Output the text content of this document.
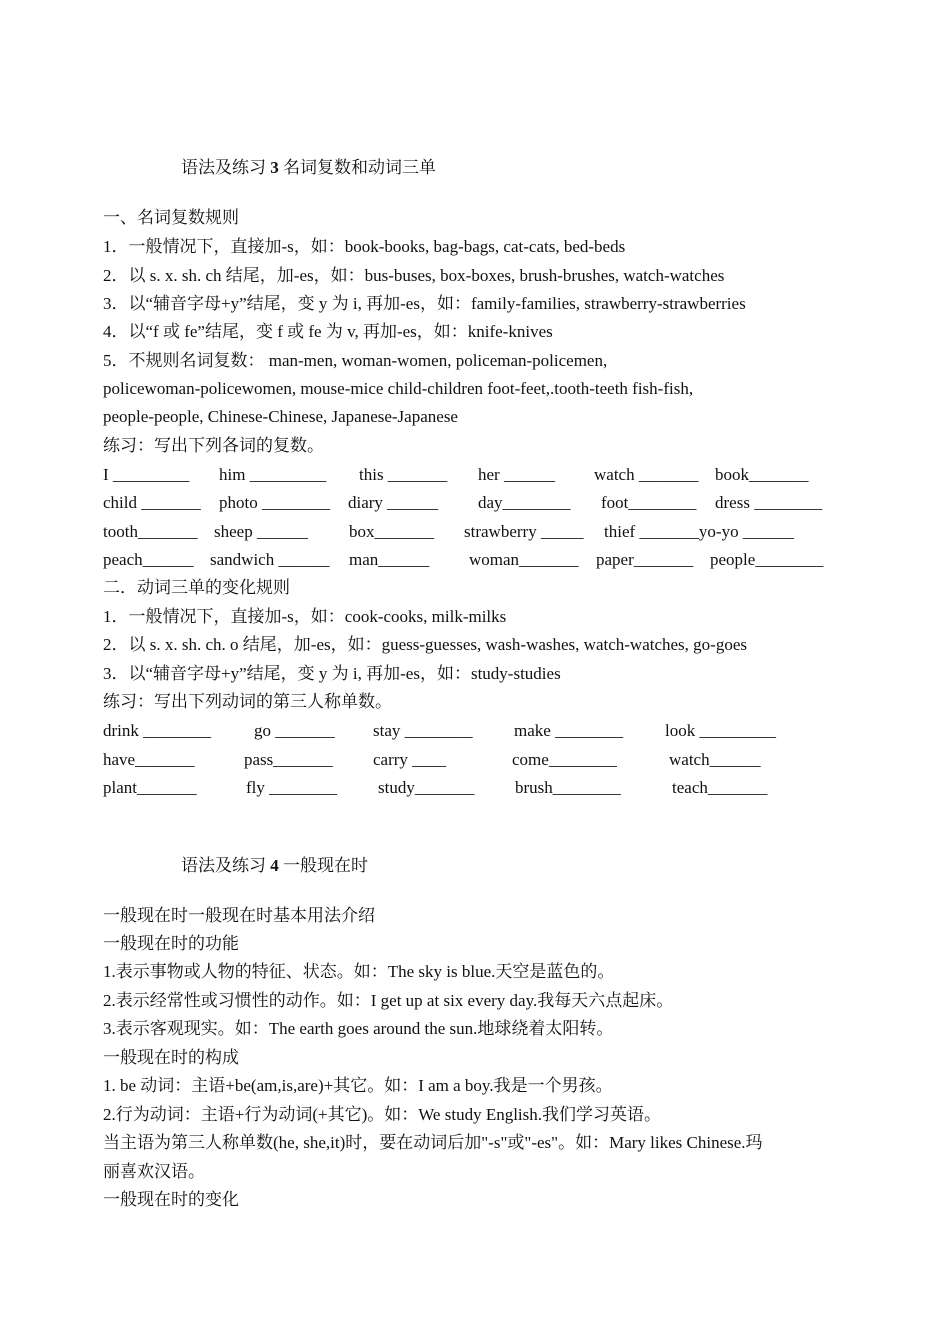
语法及练习 3 名词复数和动词三单
一、名词复数规则
1．一般情况下，直接加-s，如：book-books, bag-bags, cat-cats, bed-beds
2．以 s. x. sh. ch 结尾，加-es，如：bus-buses, box-boxes, brush-brushes, watch-watches
3．以“辅音字母+y”结尾，变 y 为 i, 再加-es，如：family-families, strawberry-strawberries
4．以“f 或 fe”结尾，变 f 或 fe 为 v, 再加-es，如：knife-knives
5．不规则名词复数： man-men, woman-women, policeman-policemen,
policewoman-policewomen, mouse-mice child-children foot-feet,.tooth-teeth fish-fish,
people-people, Chinese-Chinese, Japanese-Japanese
练习：写出下列各词的复数。
I _________ him _________ this _______ her ______ watch _______ book_______
child _______ photo ________ diary ______ day________ foot________ dress ________
tooth_______ sheep ______ box_______ strawberry _____ thief _______yo-yo ______
peach______ sandwich ______ man______ woman_______ paper_______ people________
二．动词三单的变化规则
1．一般情况下，直接加-s，如：cook-cooks, milk-milks
2．以 s. x. sh. ch. o 结尾，加-es，如：guess-guesses, wash-washes, watch-watches, go-goes
3．以“辅音字母+y”结尾，变 y 为 i, 再加-es，如：study-studies
练习：写出下列动词的第三人称单数。
drink ________	go _______ stay ________ make ________ look _________
have_______	pass_______ carry ____	come________	watch______
plant_______	fly ________ study_______ brush________	teach_______
语法及练习 4 一般现在时
一般现在时一般现在时基本用法介绍
一般现在时的功能
1.表示事物或人物的特征、状态。如：The sky is blue.天空是蓝色的。
2.表示经常性或习惯性的动作。如：I get up at six every day.我每天六点起床。
3.表示客观现实。如：The earth goes around the sun.地球绕着太阳转。
一般现在时的构成
1. be 动词：主语+be(am,is,are)+其它。如：I am a boy.我是一个男孩。
2.行为动词：主语+行为动词(+其它)。如：We study English.我们学习英语。
当主语为第三人称单数(he, she,it)时，要在动词后加"-s"或"-es"。如：Mary likes Chinese.玛
丽喜欢汉语。
一般现在时的变化
